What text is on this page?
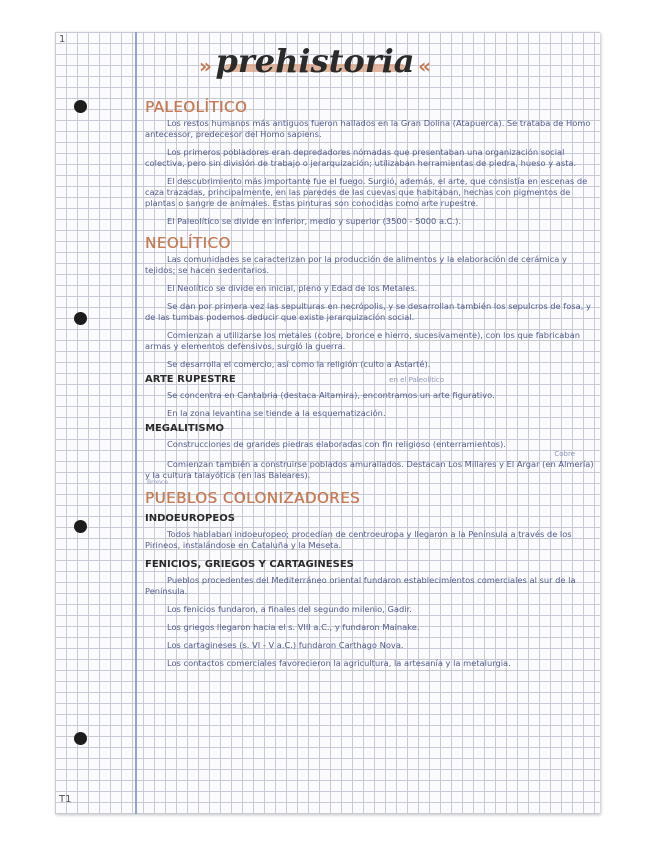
1
T1
» prehistoria «
PALEOLÍTICO

Los restos humanos más antiguos fueron hallados en la Gran Dolina (Atapuerca). Se trataba de Homo antecessor, predecesor del Homo sapiens.

Los primeros pobladores eran depredadores nómadas que presentaban una organización social colectiva, pero sin división de trabajo o jerarquización; utilizaban herramientas de piedra, hueso y asta.

El descubrimiento más importante fue el fuego. Surgió, además, el arte, que consistía en escenas de caza trazadas, principalmente, en las paredes de las cuevas que habitaban, hechas con pigmentos de plantas o sangre de animales. Estas pinturas son conocidas como arte rupestre.

El Paleolítico se divide en inferior, medio y superior (3500 - 5000 a.C.).

NEOLÍTICO

Las comunidades se caracterizan por la producción de alimentos y la elaboración de cerámica y tejidos; se hacen sedentarios.

El Neolítico se divide en inicial, pleno y Edad de los Metales.

Se dan por primera vez las sepulturas en necrópolis, y se desarrollan también los sepulcros de fosa, y de las tumbas podemos deducir que existe jerarquización social.

Comienzan a utilizarse los metales (cobre, bronce e hierro, sucesivamente), con los que fabricaban armas y elementos defensivos, surgió la guerra.

Se desarrolla el comercio, así como la religión (culto a Astarté).

ARTE RUPESTRE	en el Paleolítico

Se concentra en Cantabria (destaca Altamira), encontramos un arte figurativo.

En la zona levantina se tiende a la esquematización.

MEGALITISMO

Construcciones de grandes piedras elaboradas con fin religioso (enterramientos).

Cobre

Comienzan también a construirse poblados amurallados. Destacan Los Millares y El Argar (en Almería) y la cultura talayótica (en las Baleares).

Bronce
PUEBLOS COLONIZADORES
INDOEUROPEOS

Todos hablaban indoeuropeo; procedían de centroeuropa y llegaron a la Península a través de los Pirineos, instalándose en Cataluña y la Meseta.

FENICIOS, GRIEGOS Y CARTAGINESES

Pueblos procedentes del Mediterráneo oriental fundaron establecimientos comerciales al sur de la Península.

Los fenicios fundaron, a finales del segundo milenio, Gadir.

Los griegos llegaron hacia el s. VIII a.C., y fundaron Mainake.

Los cartagineses (s. VI - V a.C.) fundaron Carthago Nova.

Los contactos comerciales favorecieron la agricultura, la artesanía y la metalurgia.
